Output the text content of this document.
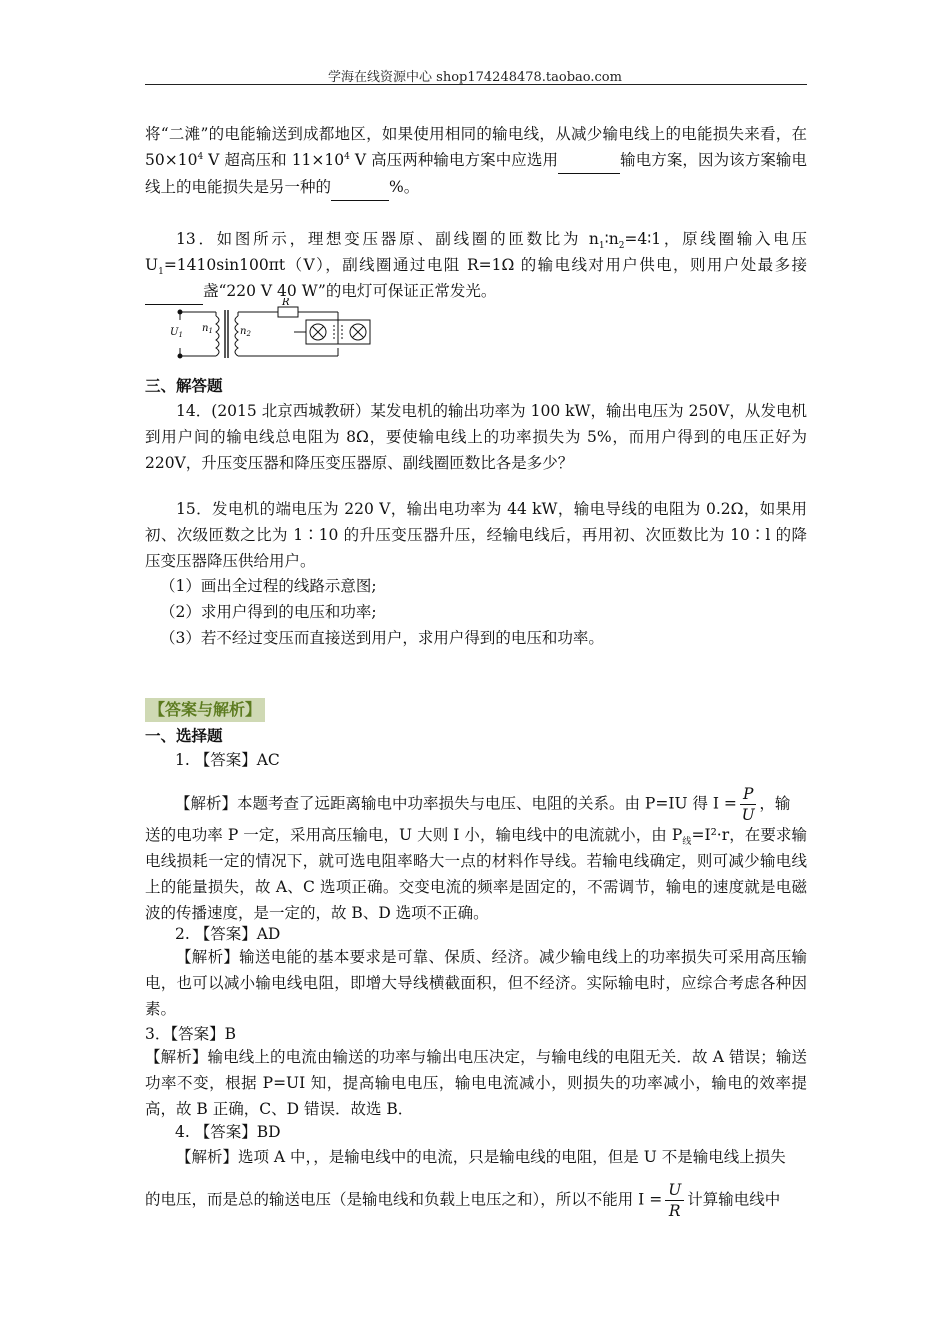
学海在线资源中心 shop174248478.taobao.com
将“二滩”的电能输送到成都地区，如果使用相同的输电线，从减少输电线上的电能损失来看，在 $50\times 10^4$ V 超高压和 $11\times 10^4$ V 高压两种输电方案中应选用	输电方案，因为该方案输电线上的电能损失是另一种的	%。
13．如图所示，理想变压器原、副线圈的匝数比为 $n_1∶n_2=4∶1$，原线圈输入电压 $U_1=1410\sin 100\pi t(V)$，副线圈通过电阻 R=1Ω 的输电线对用户供电，则用户处最多接盏“220 V 40 W”的电灯可保证正常发光。
$U_1$
$n_1$	$n_2$
R
三、解答题
14．(2015 北京西城教研）某发电机的输出功率为 100 kW，输出电压为 250V，从发电机到用户间的输电线总电阻为 8Ω，要使输电线上的功率损失为 5%，而用户得到的电压正好为 220V，升压变压器和降压变压器原、副线圈匝数比各是多少？
15．发电机的端电压为 220 V，输出电功率为 44 kW，输电导线的电阻为 0.2Ω，如果用初、次级匝数之比为 1∶10 的升压变压器升压，经输电线后，再用初、次匝数比为 10∶l 的降压变压器降压供给用户。
（1）画出全过程的线路示意图;
（2）求用户得到的电压和功率;
（3）若不经过变压而直接送到用户，求用户得到的电压和功率。
【答案与解析】
一、选择题
1. 【答案】AC
【解析】本题考查了远距离输电中功率损失与电压、电阻的关系。由 P=IU 得 $I = \frac{P}{U}$ ，输
送的电功率 P 一定，采用高压输电，U 大则 I 小，输电线中的电流就小，由 $P_线=I^2\cdot r$，在要求输电线损耗一定的情况下，就可选电阻率略大一点的材料作导线。若输电线确定，则可减少输电线上的能量损失，故 A、C 选项正确。交变电流的频率是固定的，不需调节，输电的速度就是电磁波的传播速度，是一定的，故 B、D 选项不正确。
2. 【答案】AD
【解析】输送电能的基本要求是可靠、保质、经济。减少输电线上的功率损失可采用高压输电，也可以减小输电线电阻，即增大导线横截面积，但不经济。实际输电时，应综合考虑各种因素。
3．【答案】B
【解析】输电线上的电流由输送的功率与输出电压决定，与输电线的电阻无关．故 A 错误；输送功率不变，根据 P=UI 知，提高输电电压，输电电流减小，则损失的功率减小，输电的效率提高，故 B 正确，C、D 错误．故选 B．
4. 【答案】BD
【解析】选项 A 中，，是输电线中的电流，只是输电线的电阻，但是 U 不是输电线上损失
的电压，而是总的输送电压（是输电线和负载上电压之和），所以不能用 $I = \frac{U}{R}$ 计算输电线中
